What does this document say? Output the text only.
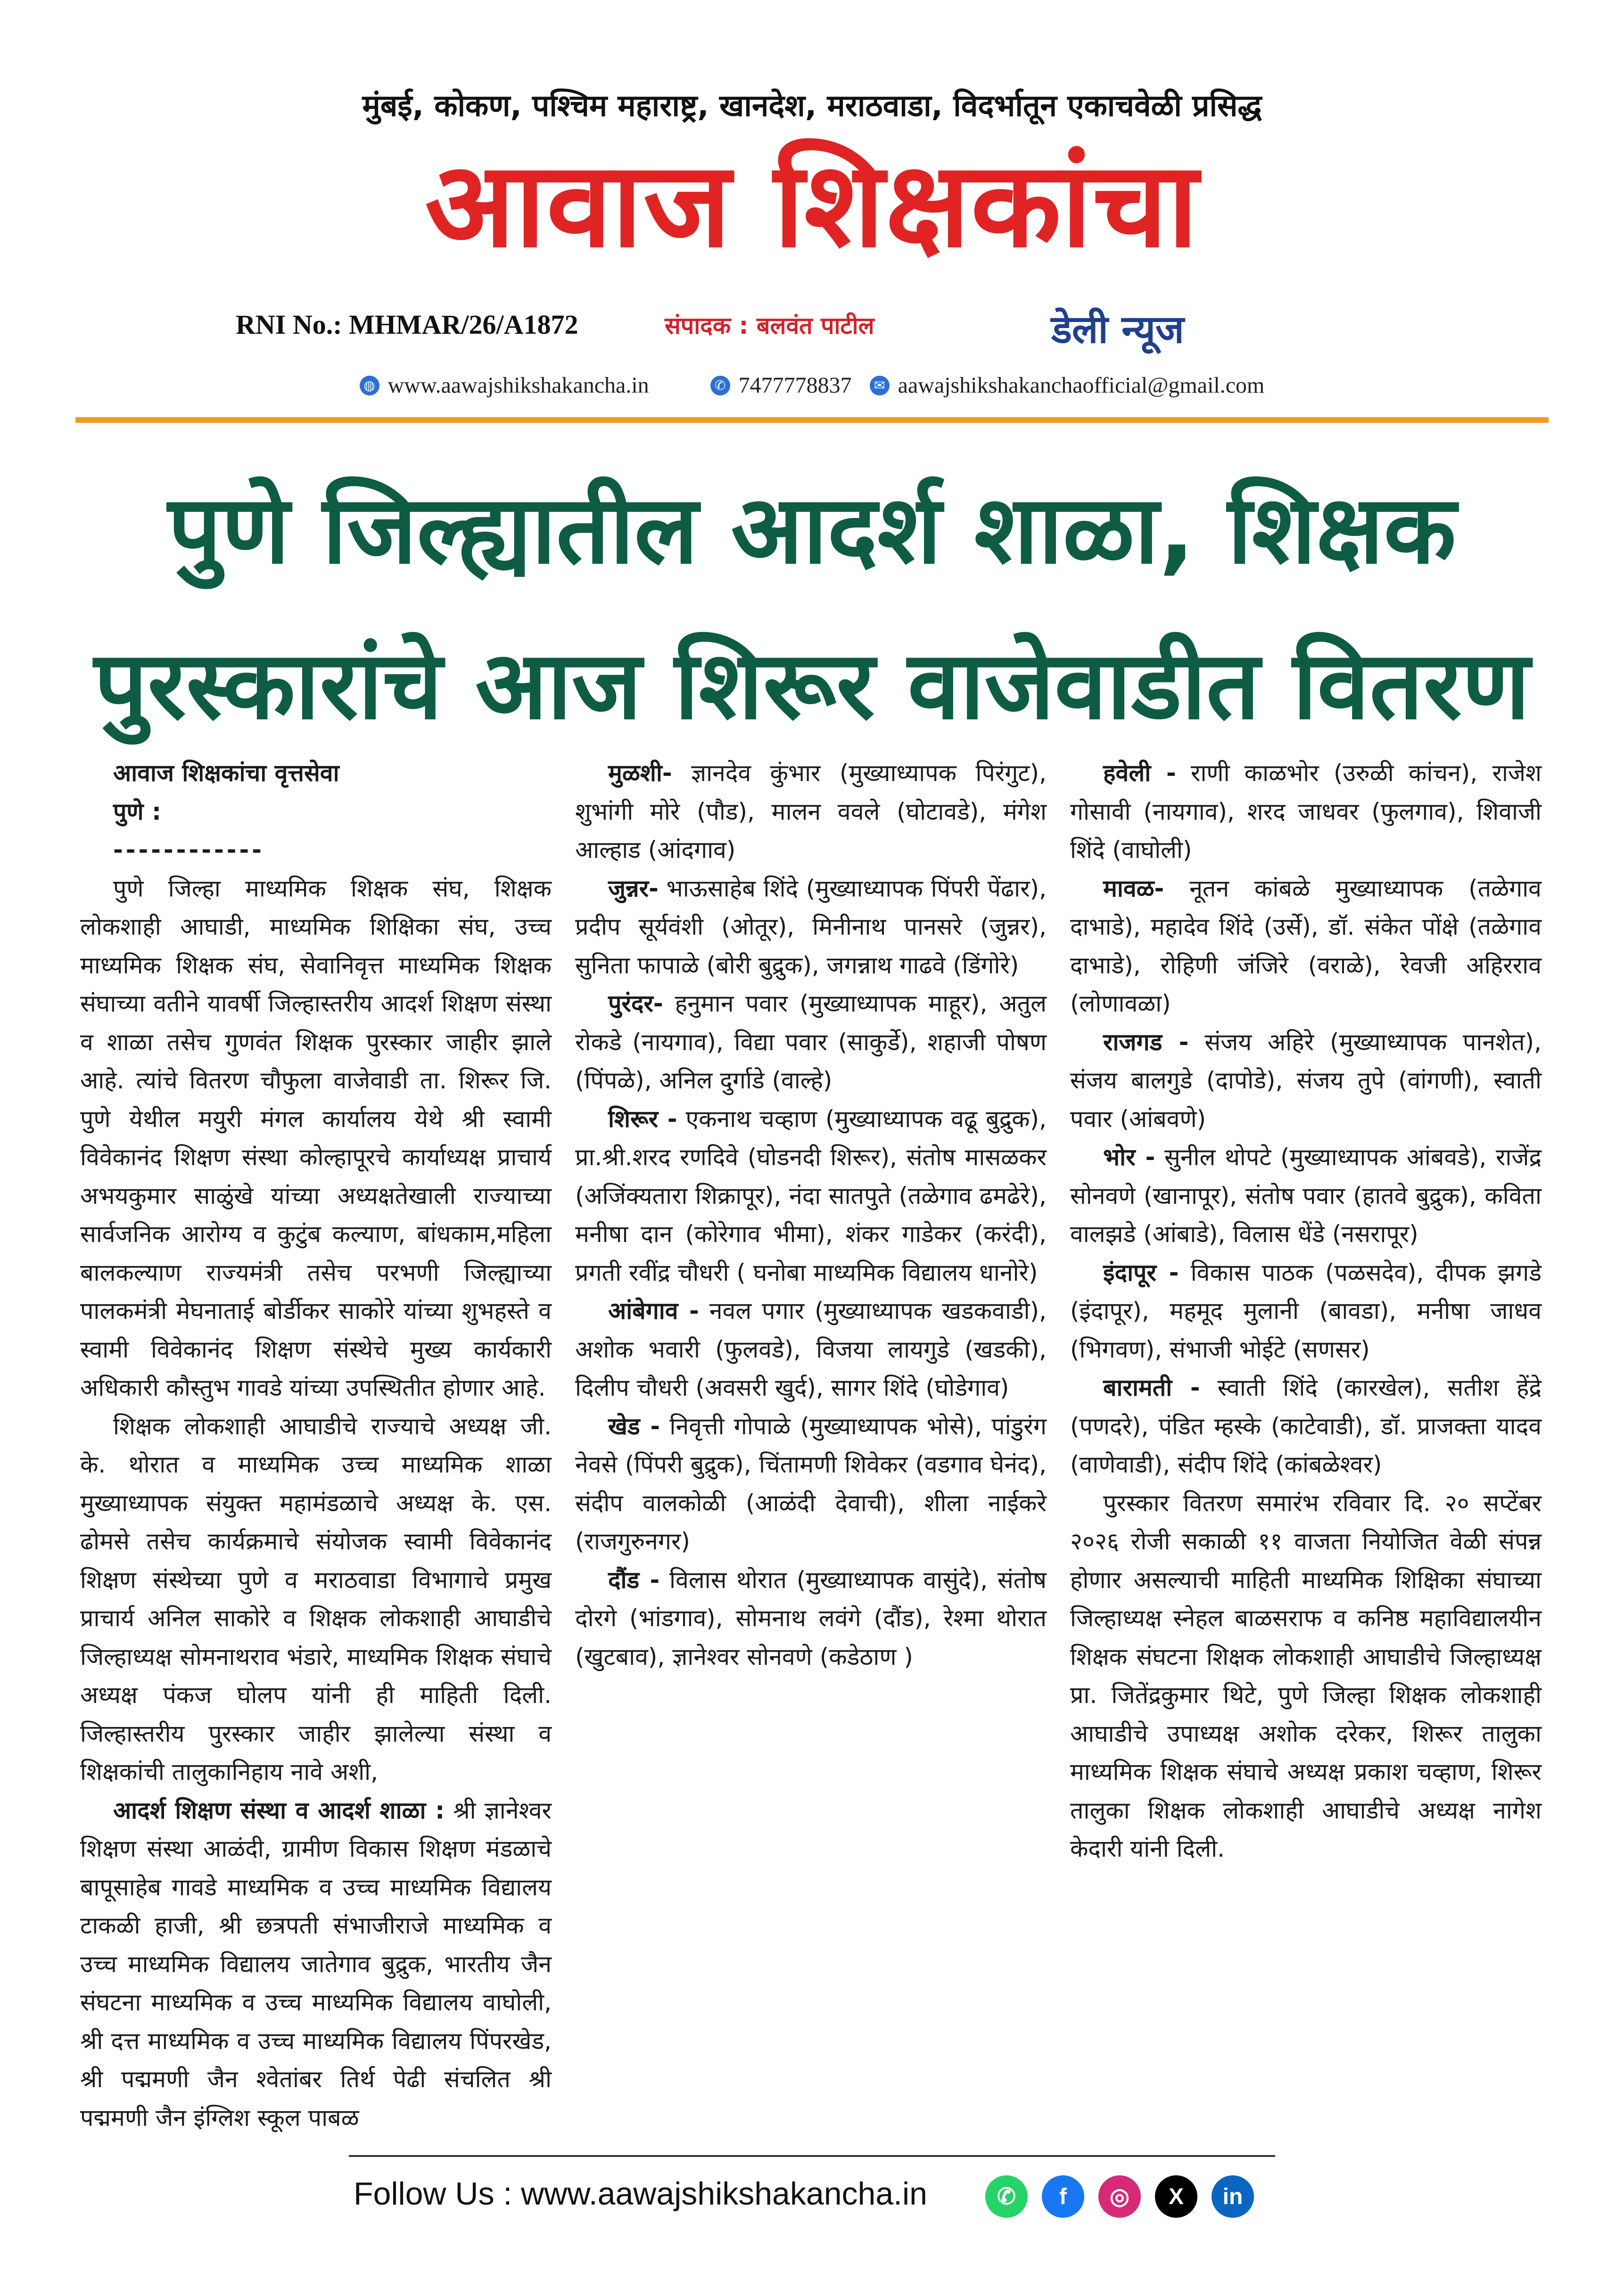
मुंबई, कोकण, पश्चिम महाराष्ट्र, खानदेश, मराठवाडा, विदर्भातून एकाचवेळी प्रसिद्ध
आवाज शिक्षकांचा
RNI No.: MHMAR/26/A1872	संपादक : बलवंत पाटील	डेली न्यूज
◍ www.aawajshikshakancha.in	✆ 7477778837	✉ aawajshikshakanchaofficial@gmail.com
पुणे जिल्ह्यातील आदर्श शाळा, शिक्षक
पुरस्कारांचे आज शिरूर वाजेवाडीत वितरण

आवाज शिक्षकांचा वृत्तसेवा

पुणे :

------------

पुणे जिल्हा माध्यमिक शिक्षक संघ, शिक्षक लोकशाही आघाडी, माध्यमिक शिक्षिका संघ, उच्च माध्यमिक शिक्षक संघ, सेवानिवृत्त माध्यमिक शिक्षक संघाच्या वतीने यावर्षी जिल्हास्तरीय आदर्श शिक्षण संस्था व शाळा तसेच गुणवंत शिक्षक पुरस्कार जाहीर झाले आहे. त्यांचे वितरण चौफुला वाजेवाडी ता. शिरूर जि. पुणे येथील मयुरी मंगल कार्यालय येथे श्री स्वामी विवेकानंद शिक्षण संस्था कोल्हापूरचे कार्याध्यक्ष प्राचार्य अभयकुमार साळुंखे यांच्या अध्यक्षतेखाली राज्याच्या सार्वजनिक आरोग्य व कुटुंब कल्याण, बांधकाम,महिला बालकल्याण राज्यमंत्री तसेच परभणी जिल्ह्याच्या पालकमंत्री मेघनाताई बोर्डीकर साकोरे यांच्या शुभहस्ते व स्वामी विवेकानंद शिक्षण संस्थेचे मुख्य कार्यकारी अधिकारी कौस्तुभ गावडे यांच्या उपस्थितीत होणार आहे.

शिक्षक लोकशाही आघाडीचे राज्याचे अध्यक्ष जी. के. थोरात व माध्यमिक उच्च माध्यमिक शाळा मुख्याध्यापक संयुक्त महामंडळाचे अध्यक्ष के. एस. ढोमसे तसेच कार्यक्रमाचे संयोजक स्वामी विवेकानंद शिक्षण संस्थेच्या पुणे व मराठवाडा विभागाचे प्रमुख प्राचार्य अनिल साकोरे व शिक्षक लोकशाही आघाडीचे जिल्हाध्यक्ष सोमनाथराव भंडारे, माध्यमिक शिक्षक संघाचे अध्यक्ष पंकज घोलप यांनी ही माहिती दिली. जिल्हास्तरीय पुरस्कार जाहीर झालेल्या संस्था व शिक्षकांची तालुकानिहाय नावे अशी,

आदर्श शिक्षण संस्था व आदर्श शाळा : श्री ज्ञानेश्वर शिक्षण संस्था आळंदी, ग्रामीण विकास शिक्षण मंडळाचे बापूसाहेब गावडे माध्यमिक व उच्च माध्यमिक विद्यालय टाकळी हाजी, श्री छत्रपती संभाजीराजे माध्यमिक व उच्च माध्यमिक विद्यालय जातेगाव बुद्रुक, भारतीय जैन संघटना माध्यमिक व उच्च माध्यमिक विद्यालय वाघोली, श्री दत्त माध्यमिक व उच्च माध्यमिक विद्यालय पिंपरखेड, श्री पद्ममणी जैन श्वेतांबर तिर्थ पेढी संचलित श्री पद्ममणी जैन इंग्लिश स्कूल पाबळ

मुळशी- ज्ञानदेव कुंभार (मुख्याध्यापक पिरंगुट), शुभांगी मोरे (पौड), मालन ववले (घोटावडे), मंगेश आल्हाड (आंदगाव)

जुन्नर- भाऊसाहेब शिंदे (मुख्याध्यापक पिंपरी पेंढार), प्रदीप सूर्यवंशी (ओतूर), मिनीनाथ पानसरे (जुन्नर), सुनिता फापाळे (बोरी बुद्रुक), जगन्नाथ गाढवे (डिंगोरे)

पुरंदर- हनुमान पवार (मुख्याध्यापक माहूर), अतुल रोकडे (नायगाव), विद्या पवार (साकुर्डे), शहाजी पोषण (पिंपळे), अनिल दुर्गाडे (वाल्हे)

शिरूर - एकनाथ चव्हाण (मुख्याध्यापक वढू बुद्रुक), प्रा.श्री.शरद रणदिवे (घोडनदी शिरूर), संतोष मासळकर (अजिंक्यतारा शिक्रापूर), नंदा सातपुते (तळेगाव ढमढेरे), मनीषा दान (कोरेगाव भीमा), शंकर गाडेकर (करंदी), प्रगती रवींद्र चौधरी ( घनोबा माध्यमिक विद्यालय धानोरे)

आंबेगाव - नवल पगार (मुख्याध्यापक खडकवाडी), अशोक भवारी (फुलवडे), विजया लायगुडे (खडकी), दिलीप चौधरी (अवसरी खुर्द), सागर शिंदे (घोडेगाव)

खेड - निवृत्ती गोपाळे (मुख्याध्यापक भोसे), पांडुरंग नेवसे (पिंपरी बुद्रुक), चिंतामणी शिवेकर (वडगाव घेनंद), संदीप वालकोळी (आळंदी देवाची), शीला नाईकरे (राजगुरुनगर)

दौंड - विलास थोरात (मुख्याध्यापक वासुंदे), संतोष दोरगे (भांडगाव), सोमनाथ लवंगे (दौंड), रेश्मा थोरात (खुटबाव), ज्ञानेश्वर सोनवणे (कडेठाण )

हवेली - राणी काळभोर (उरुळी कांचन), राजेश गोसावी (नायगाव), शरद जाधवर (फुलगाव), शिवाजी शिंदे (वाघोली)

मावळ- नूतन कांबळे मुख्याध्यापक (तळेगाव दाभाडे), महादेव शिंदे (उर्से), डॉ. संकेत पोंक्षे (तळेगाव दाभाडे), रोहिणी जंजिरे (वराळे), रेवजी अहिरराव (लोणावळा)

राजगड - संजय अहिरे (मुख्याध्यापक पानशेत), संजय बालगुडे (दापोडे), संजय तुपे (वांगणी), स्वाती पवार (आंबवणे)

भोर - सुनील थोपटे (मुख्याध्यापक आंबवडे), राजेंद्र सोनवणे (खानापूर), संतोष पवार (हातवे बुद्रुक), कविता वालझडे (आंबाडे), विलास धेंडे (नसरापूर)

इंदापूर - विकास पाठक (पळसदेव), दीपक झगडे (इंदापूर), महमूद मुलानी (बावडा), मनीषा जाधव (भिगवण), संभाजी भोईटे (सणसर)

बारामती - स्वाती शिंदे (कारखेल), सतीश हेंद्रे (पणदरे), पंडित म्हस्के (काटेवाडी), डॉ. प्राजक्ता यादव (वाणेवाडी), संदीप शिंदे (कांबळेश्वर)

पुरस्कार वितरण समारंभ रविवार दि. २० सप्टेंबर २०२६ रोजी सकाळी ११ वाजता नियोजित वेळी संपन्न होणार असल्याची माहिती माध्यमिक शिक्षिका संघाच्या जिल्हाध्यक्ष स्नेहल बाळसराफ व कनिष्ठ महाविद्यालयीन शिक्षक संघटना शिक्षक लोकशाही आघाडीचे जिल्हाध्यक्ष प्रा. जितेंद्रकुमार थिटे, पुणे जिल्हा शिक्षक लोकशाही आघाडीचे उपाध्यक्ष अशोक दरेकर, शिरूर तालुका माध्यमिक शिक्षक संघाचे अध्यक्ष प्रकाश चव्हाण, शिरूर तालुका शिक्षक लोकशाही आघाडीचे अध्यक्ष नागेश केदारी यांनी दिली.

Follow Us : www.aawajshikshakancha.in	✆	f	◎	X	in
